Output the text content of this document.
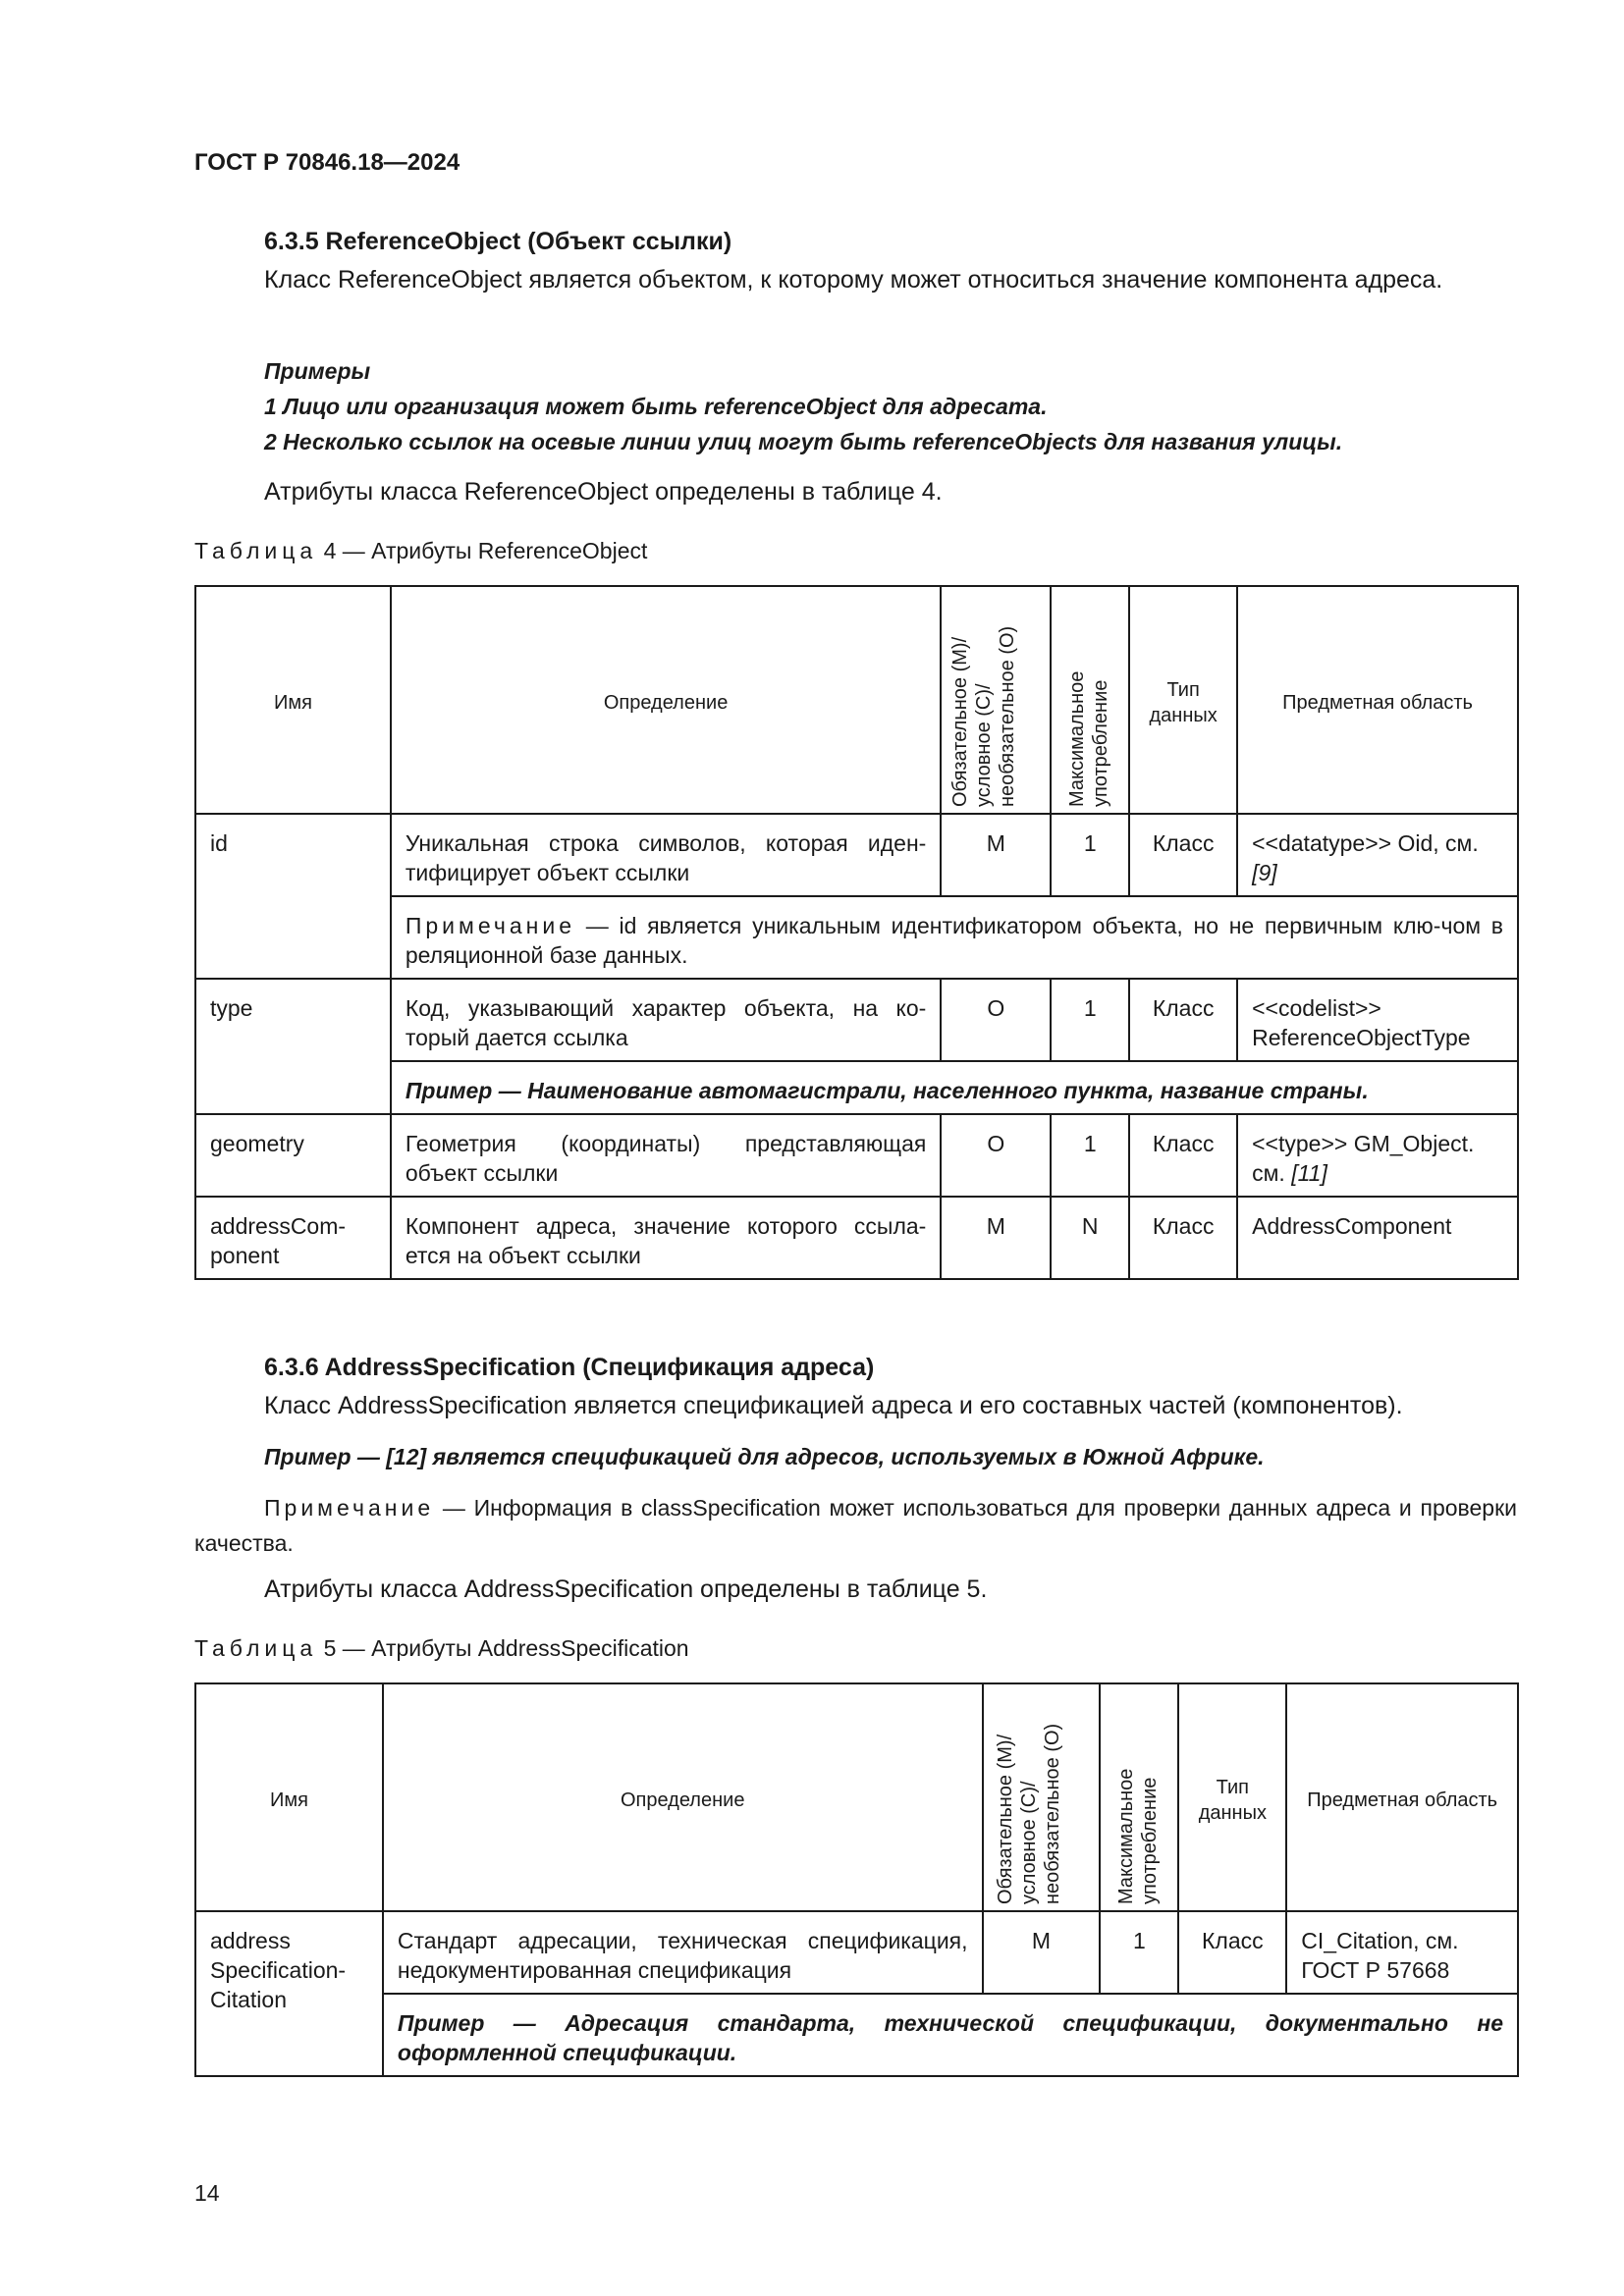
ГОСТ Р 70846.18—2024
6.3.5 ReferenceObject (Объект ссылки)
Класс ReferenceObject является объектом, к которому может относиться значение компонента адреса.
Примеры
1 Лицо или организация может быть referenceObject для адресата.
2 Несколько ссылок на осевые линии улиц могут быть referenceObjects для названия улицы.
Атрибуты класса ReferenceObject определены в таблице 4.
Таблица 4 — Атрибуты ReferenceObject
Имя	Определение	Обязательное (M)/ условное (C)/ необязательное (O)	Максимальное употребление	Тип данных	Предметная область
id	Уникальная строка символов, которая иден-тифицирует объект ссылки	M	1	Класс	<<datatype>> Oid, см. [9]
	Примечание — id является уникальным идентификатором объекта, но не первичным клю-чом в реляционной базе данных.				
type	Код, указывающий характер объекта, на ко-торый дается ссылка	O	1	Класс	<<codelist>> ReferenceObjectType
	Пример — Наименование автомагистрали, населенного пункта, название страны.				
geometry	Геометрия (координаты) представляющая объект ссылки	O	1	Класс	<<type>> GM_Object. см. [11]
addressCom-ponent	Компонент адреса, значение которого ссыла-ется на объект ссылки	M	N	Класс	AddressComponent
6.3.6 AddressSpecification (Спецификация адреса)
Класс AddressSpecification является спецификацией адреса и его составных частей (компонентов).
Пример — [12] является спецификацией для адресов, используемых в Южной Африке.
Примечание — Информация в classSpecification может использоваться для проверки данных адреса и проверки качества.
Атрибуты класса AddressSpecification определены в таблице 5.
Таблица 5 — Атрибуты AddressSpecification
Имя	Определение	Обязательное (M)/ условное (C)/ необязательное (O)	Максимальное употребление	Тип данных	Предметная область
address Specification-Citation	Стандарт адресации, техническая спецификация, недокументированная спецификация	M	1	Класс	CI_Citation, см. ГОСТ Р 57668
	Пример — Адресация стандарта, технической спецификации, документально не оформленной спецификации.				
14
